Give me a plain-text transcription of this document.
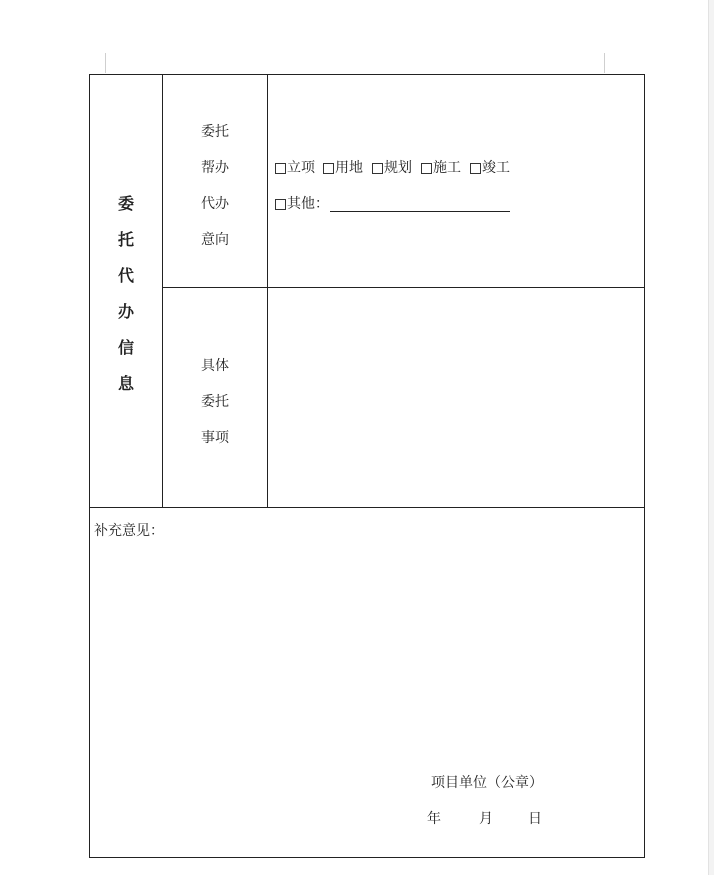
委
托
代
办
信
息
委托
帮办
代办
意向
立项 用地 规划 施工 竣工
其他：
具体
委托
事项
补充意见：
项目单位（公章）
年	月	日
